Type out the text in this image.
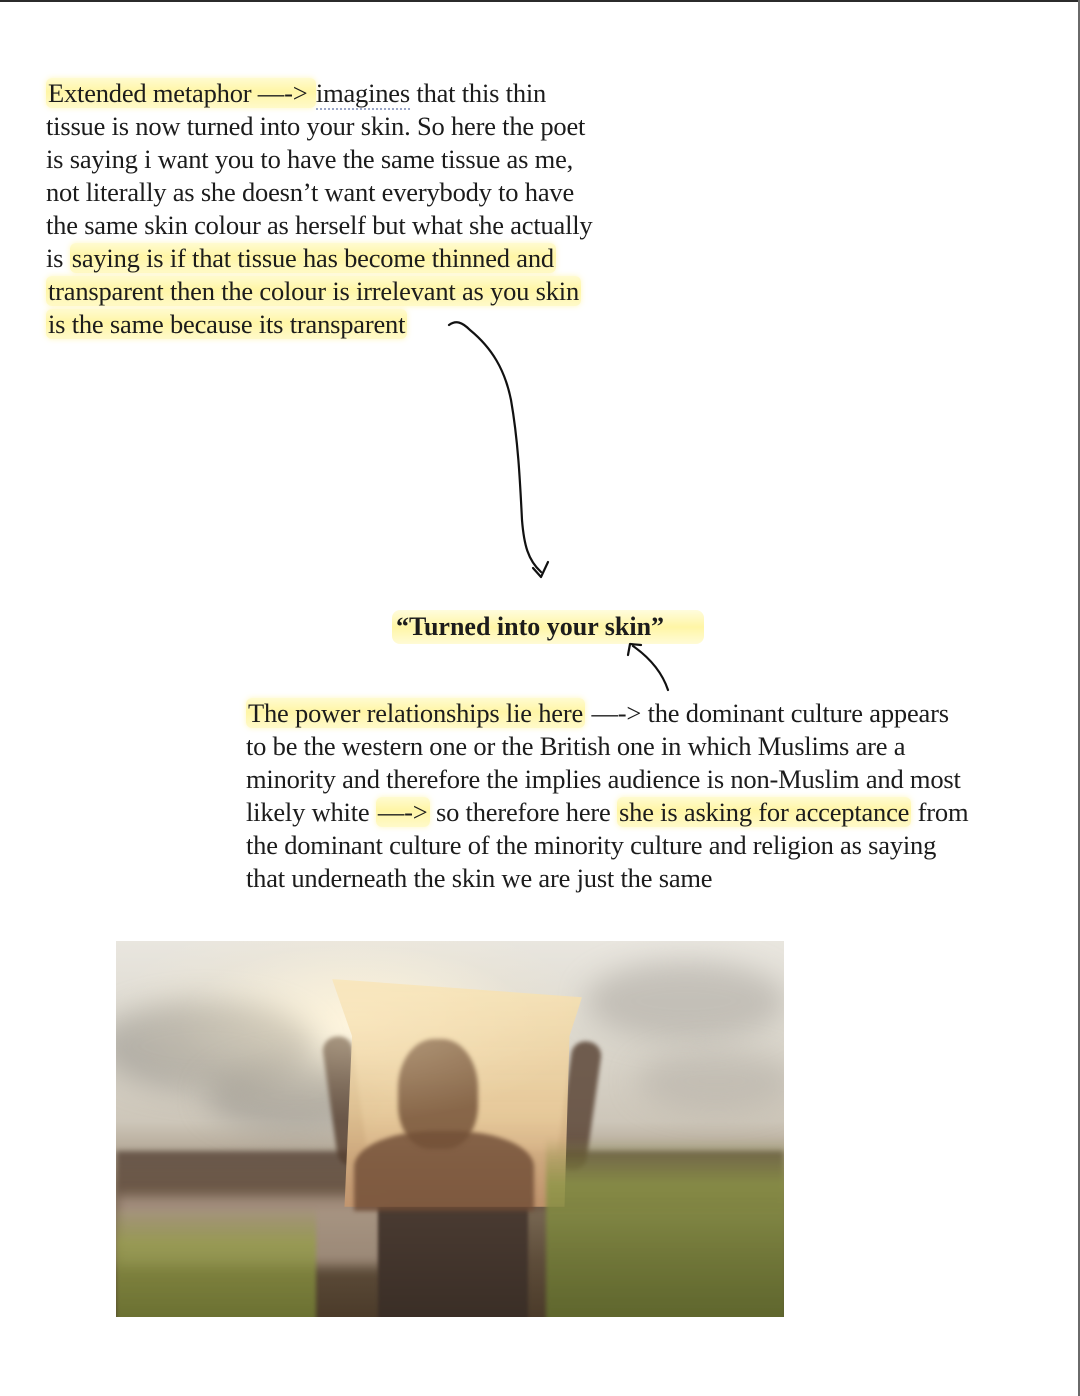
Extended metaphor —-> imagines that this thin
tissue is now turned into your skin. So here the poet
is saying i want you to have the same tissue as me,
not literally as she doesn’t want everybody to have
the same skin colour as herself but what she actually
is saying is if that tissue has become thinned and
transparent then the colour is irrelevant as you skin
is the same because its transparent
“Turned into your skin”
The power relationships lie here —-> the dominant culture appears
to be the western one or the British one in which Muslims are a
minority and therefore the implies audience is non-Muslim and most
likely white —-> so therefore here she is asking for acceptance from
the dominant culture of the minority culture and religion as saying
that underneath the skin we are just the same
